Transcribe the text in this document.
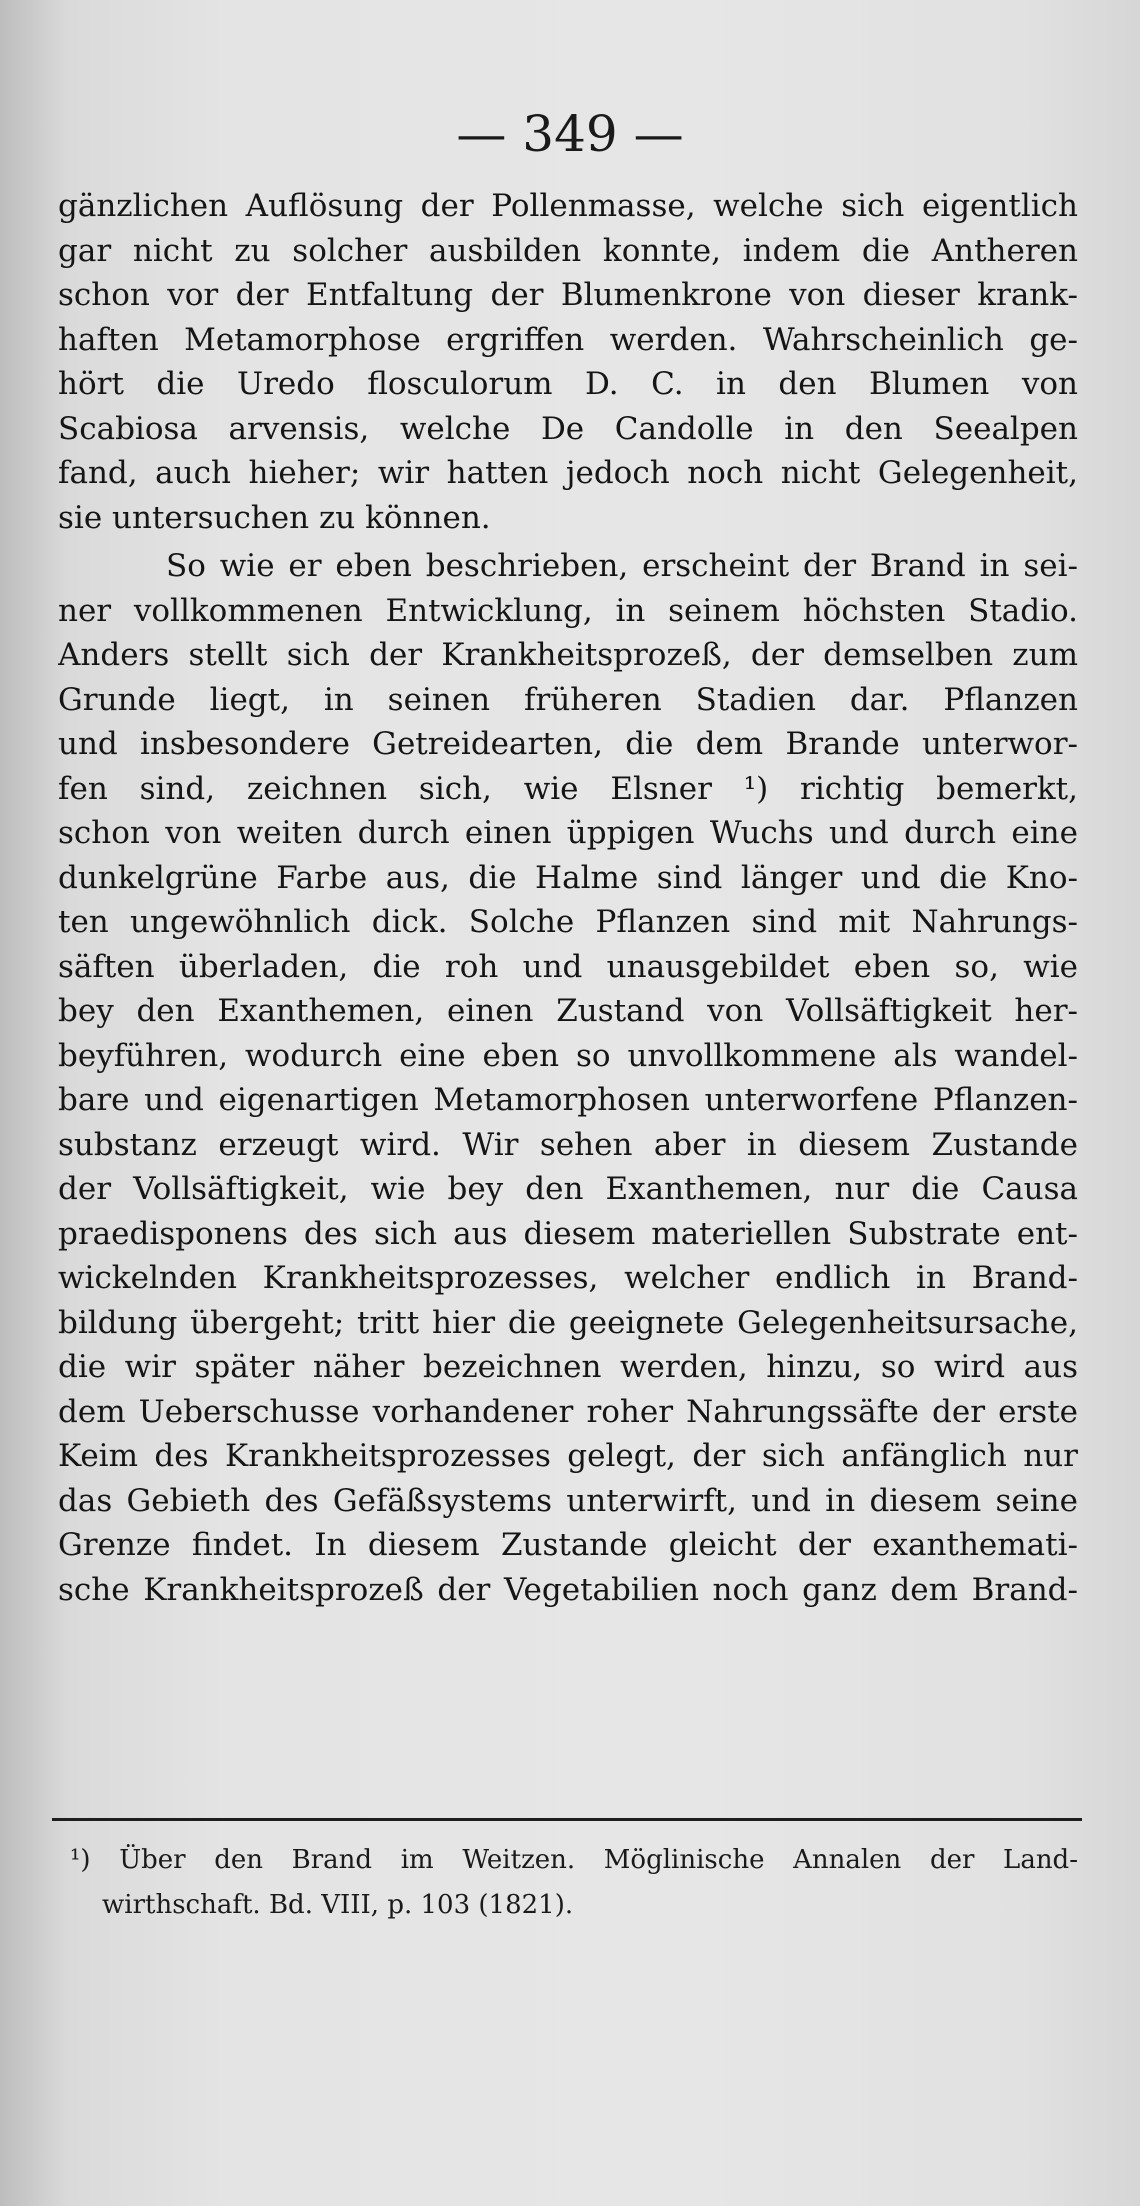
— 349 —
gänzlichen Auflösung der Pollenmasse, welche sich eigentlich
gar nicht zu solcher ausbilden konnte, indem die Antheren
schon vor der Entfaltung der Blumenkrone von dieser krank-
haften Metamorphose ergriffen werden. Wahrscheinlich ge-
hört die Uredo flosculorum D. C. in den Blumen von
Scabiosa arvensis, welche De Candolle in den Seealpen
fand, auch hieher; wir hatten jedoch noch nicht Gelegenheit,
sie untersuchen zu können.
So wie er eben beschrieben, erscheint der Brand in sei-
ner vollkommenen Entwicklung, in seinem höchsten Stadio.
Anders stellt sich der Krankheitsprozeß, der demselben zum
Grunde liegt, in seinen früheren Stadien dar. Pflanzen
und insbesondere Getreidearten, die dem Brande unterwor-
fen sind, zeichnen sich, wie Elsner ¹) richtig bemerkt,
schon von weiten durch einen üppigen Wuchs und durch eine
dunkelgrüne Farbe aus, die Halme sind länger und die Kno-
ten ungewöhnlich dick. Solche Pflanzen sind mit Nahrungs-
säften überladen, die roh und unausgebildet eben so, wie
bey den Exanthemen, einen Zustand von Vollsäftigkeit her-
beyführen, wodurch eine eben so unvollkommene als wandel-
bare und eigenartigen Metamorphosen unterworfene Pflanzen-
substanz erzeugt wird. Wir sehen aber in diesem Zustande
der Vollsäftigkeit, wie bey den Exanthemen, nur die Causa
praedisponens des sich aus diesem materiellen Substrate ent-
wickelnden Krankheitsprozesses, welcher endlich in Brand-
bildung übergeht; tritt hier die geeignete Gelegenheitsursache,
die wir später näher bezeichnen werden, hinzu, so wird aus
dem Ueberschusse vorhandener roher Nahrungssäfte der erste
Keim des Krankheitsprozesses gelegt, der sich anfänglich nur
das Gebieth des Gefäßsystems unterwirft, und in diesem seine
Grenze findet. In diesem Zustande gleicht der exanthemati-
sche Krankheitsprozeß der Vegetabilien noch ganz dem Brand-
¹) Über den Brand im Weitzen. Möglinische Annalen der Land-
wirthschaft. Bd. VIII, p. 103 (1821).
